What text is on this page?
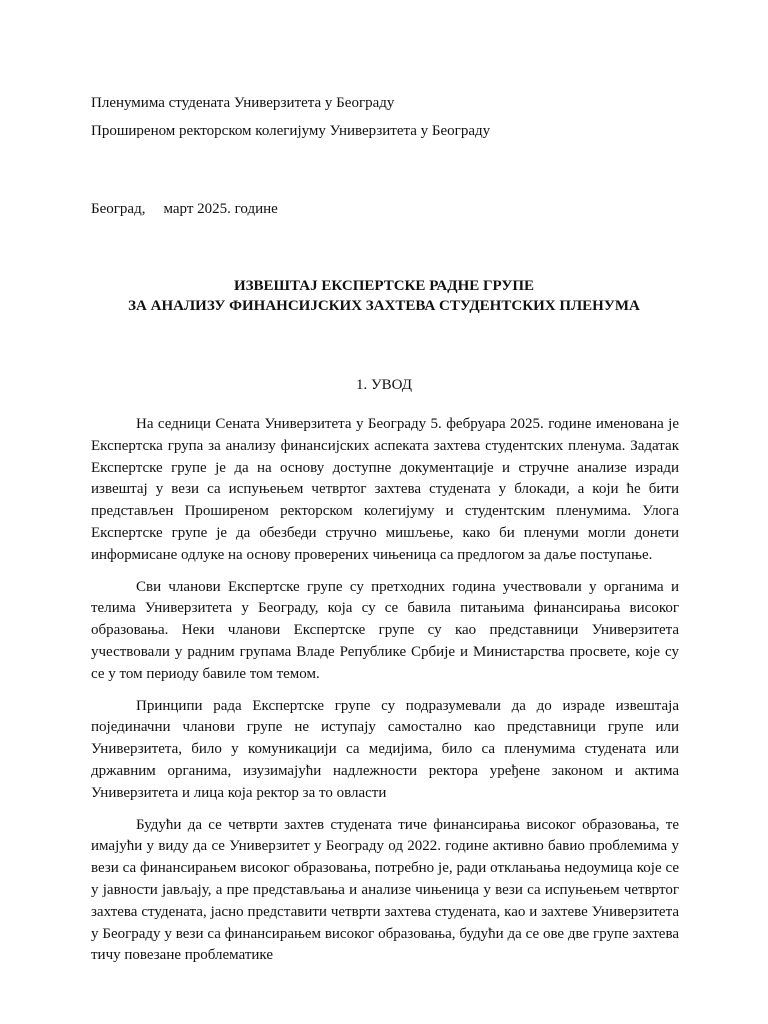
Пленумима студената Универзитета у Београду
Проширеном ректорском колегијуму Универзитета у Београду
Београд, март 2025. године
ИЗВЕШТАЈ ЕКСПЕРТСКЕ РАДНЕ ГРУПЕ
ЗА АНАЛИЗУ ФИНАНСИЈСКИХ ЗАХТЕВА СТУДЕНТСКИХ ПЛЕНУМА
1. УВОД

На седници Сената Универзитета у Београду 5. фебруара 2025. године именована је Експертска група за анализу финансијских аспеката захтева студентских пленума. Задатак Експертске групе је да на основу доступне документације и стручне анализе изради извештај у вези са испуњењем четвртог захтева студената у блокади, а који ће бити представљен Проширеном ректорском колегијуму и студентским пленумима. Улога Експертске групе је да обезбеди стручно мишљење, како би пленуми могли донети информисане одлуке на основу проверених чињеница са предлогом за даље поступање.

Сви чланови Експертске групе су претходних година учествовали у органима и телима Универзитета у Београду, која су се бавила питањима финансирања високог образовања. Неки чланови Експертске групе су као представници Универзитета учествовали у радним групама Владе Републике Србије и Министарства просвете, које су се у том периоду бавиле том темом.

Принципи рада Експертске групе су подразумевали да до израде извештаја појединачни чланови групе не иступају самостално као представници групе или Универзитета, било у комуникацији са медијима, било са пленумима студената или државним органима, изузимајући надлежности ректора уређене законом и актима Универзитета и лица која ректор за то овласти

Будући да се четврти захтев студената тиче финансирања високог образовања, те имајући у виду да се Универзитет у Београду од 2022. године активно бавио проблемима у вези са финансирањем високог образовања, потребно је, ради отклањања недоумица које се у јавности јављају, а пре представљања и анализе чињеница у вези са испуњењем четвртог захтева студената, јасно представити четврти захтева студената, као и захтеве Универзитета у Београду у вези са финансирањем високог образовања, будући да се ове две групе захтева тичу повезане проблематике
